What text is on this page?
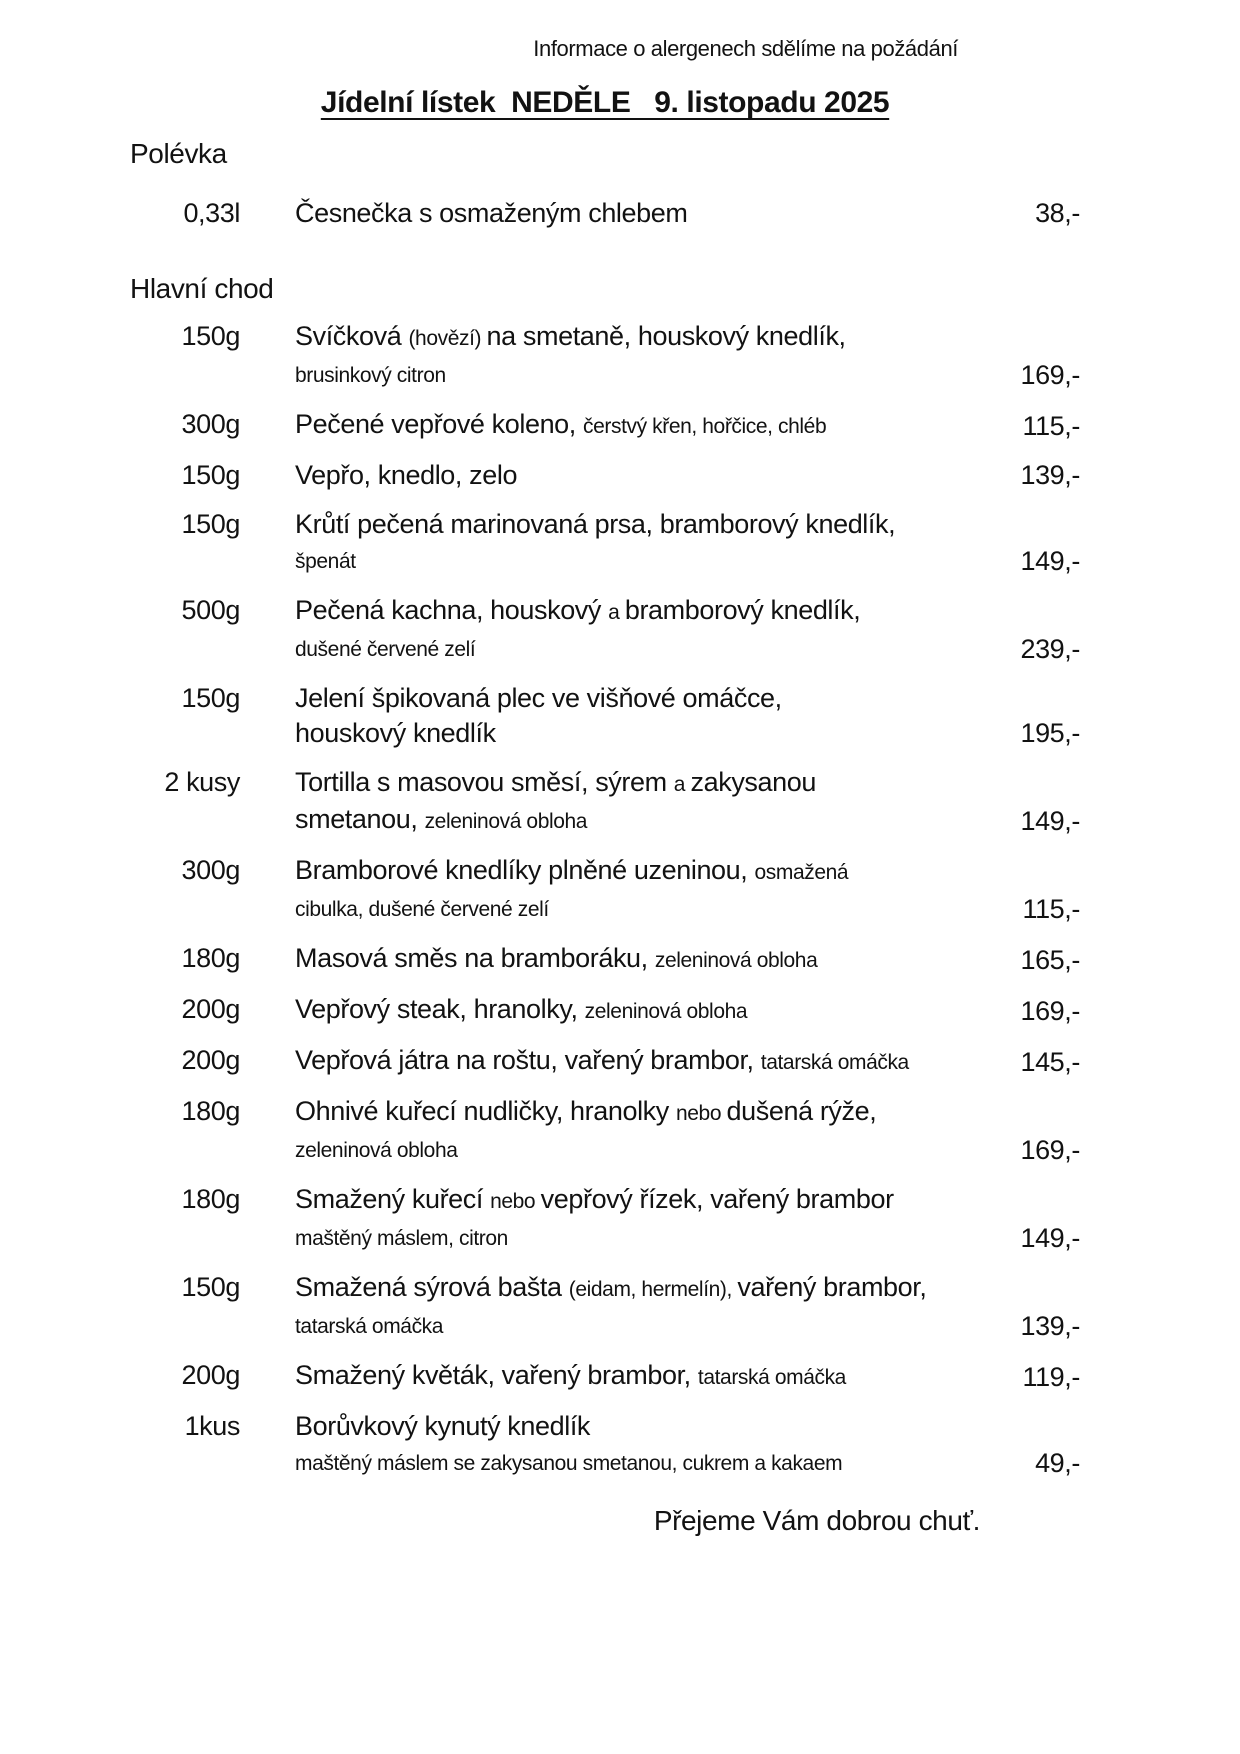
Informace o alergenech sdělíme na požádání
Jídelní lístek  NEDĚLE   9. listopadu 2025
Polévka
0,33l Česnečka s osmaženým chlebem	38,-
Hlavní chod
150g Svíčková (hovězí) na smetaně, houskový knedlík,
brusinkový citron	169,-
300g Pečené vepřové koleno, čerstvý křen, hořčice, chléb	115,-
150g Vepřo, knedlo, zelo	139,-
150g Krůtí pečená marinovaná prsa, bramborový knedlík,
špenát	149,-
500g Pečená kachna, houskový a bramborový knedlík,
dušené červené zelí	239,-
150g Jelení špikovaná plec ve višňové omáčce,
houskový knedlík	195,-
2 kusy Tortilla s masovou směsí, sýrem a zakysanou
smetanou, zeleninová obloha	149,-
300g Bramborové knedlíky plněné uzeninou, osmažená
cibulka, dušené červené zelí	115,-
180g Masová směs na bramboráku, zeleninová obloha	165,-
200g Vepřový steak, hranolky, zeleninová obloha	169,-
200g Vepřová játra na roštu, vařený brambor, tatarská omáčka	145,-
180g Ohnivé kuřecí nudličky, hranolky nebo dušená rýže,
zeleninová obloha	169,-
180g Smažený kuřecí nebo vepřový řízek, vařený brambor
maštěný máslem, citron	149,-
150g Smažená sýrová bašta (eidam, hermelín), vařený brambor,
tatarská omáčka	139,-
200g Smažený květák, vařený brambor, tatarská omáčka	119,-
1kus Borůvkový kynutý knedlík
maštěný máslem se zakysanou smetanou, cukrem a kakaem	49,-
Přejeme Vám dobrou chuť.
